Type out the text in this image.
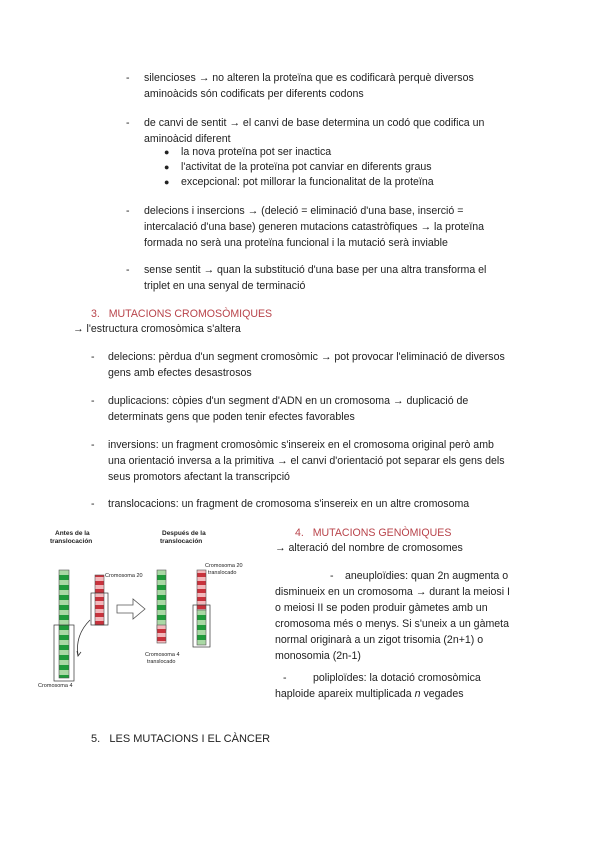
- silencioses → no alteren la proteïna que es codificarà perquè diversos
aminoàcids són codificats per diferents codons
- de canvi de sentit → el canvi de base determina un codó que codifica un
aminoàcid diferent
● la nova proteïna pot ser inactica
● l'activitat de la proteïna pot canviar en diferents graus
● excepcional: pot millorar la funcionalitat de la proteïna
- delecions i insercions → (deleció = eliminació d'una base, inserció =
intercalació d'una base) generen mutacions catastròfiques → la proteïna
formada no serà una proteïna funcional i la mutació serà inviable
- sense sentit → quan la substitució d'una base per una altra transforma el
triplet en una senyal de terminació
3. MUTACIONS CROMOSÒMIQUES
→ l'estructura cromosòmica s'altera
- delecions: pèrdua d'un segment cromosòmic → pot provocar l'eliminació de diversos
gens amb efectes desastrosos
- duplicacions: còpies d'un segment d'ADN en un cromosoma → duplicació de
determinats gens que poden tenir efectes favorables
- inversions: un fragment cromosòmic s'insereix en el cromosoma original però amb
una orientació inversa a la primitiva → el canvi d'orientació pot separar els gens dels
seus promotors afectant la transcripció
- translocacions: un fragment de cromosoma s'insereix en un altre cromosoma
Antes de la
translocación
Después de la
translocación
Cromosoma 20
Cromosoma 4
Cromosoma 20
translocado
Cromosoma 4
translocado
4. MUTACIONS GENÒMIQUES
→ alteració del nombre de cromosomes
-	aneuploïdies: quan 2n augmenta o
disminueix en un cromosoma → durant la meiosi I
o meiosi II se poden produir gàmetes amb un
cromosoma més o menys. Si s'uneix a un gàmeta
normal originarà a un zigot trisomia (2n+1) o
monosomia (2n-1)
-	poliploïdes: la dotació cromosòmica
haploide apareix multiplicada n vegades
5. LES MUTACIONS I EL CÀNCER
